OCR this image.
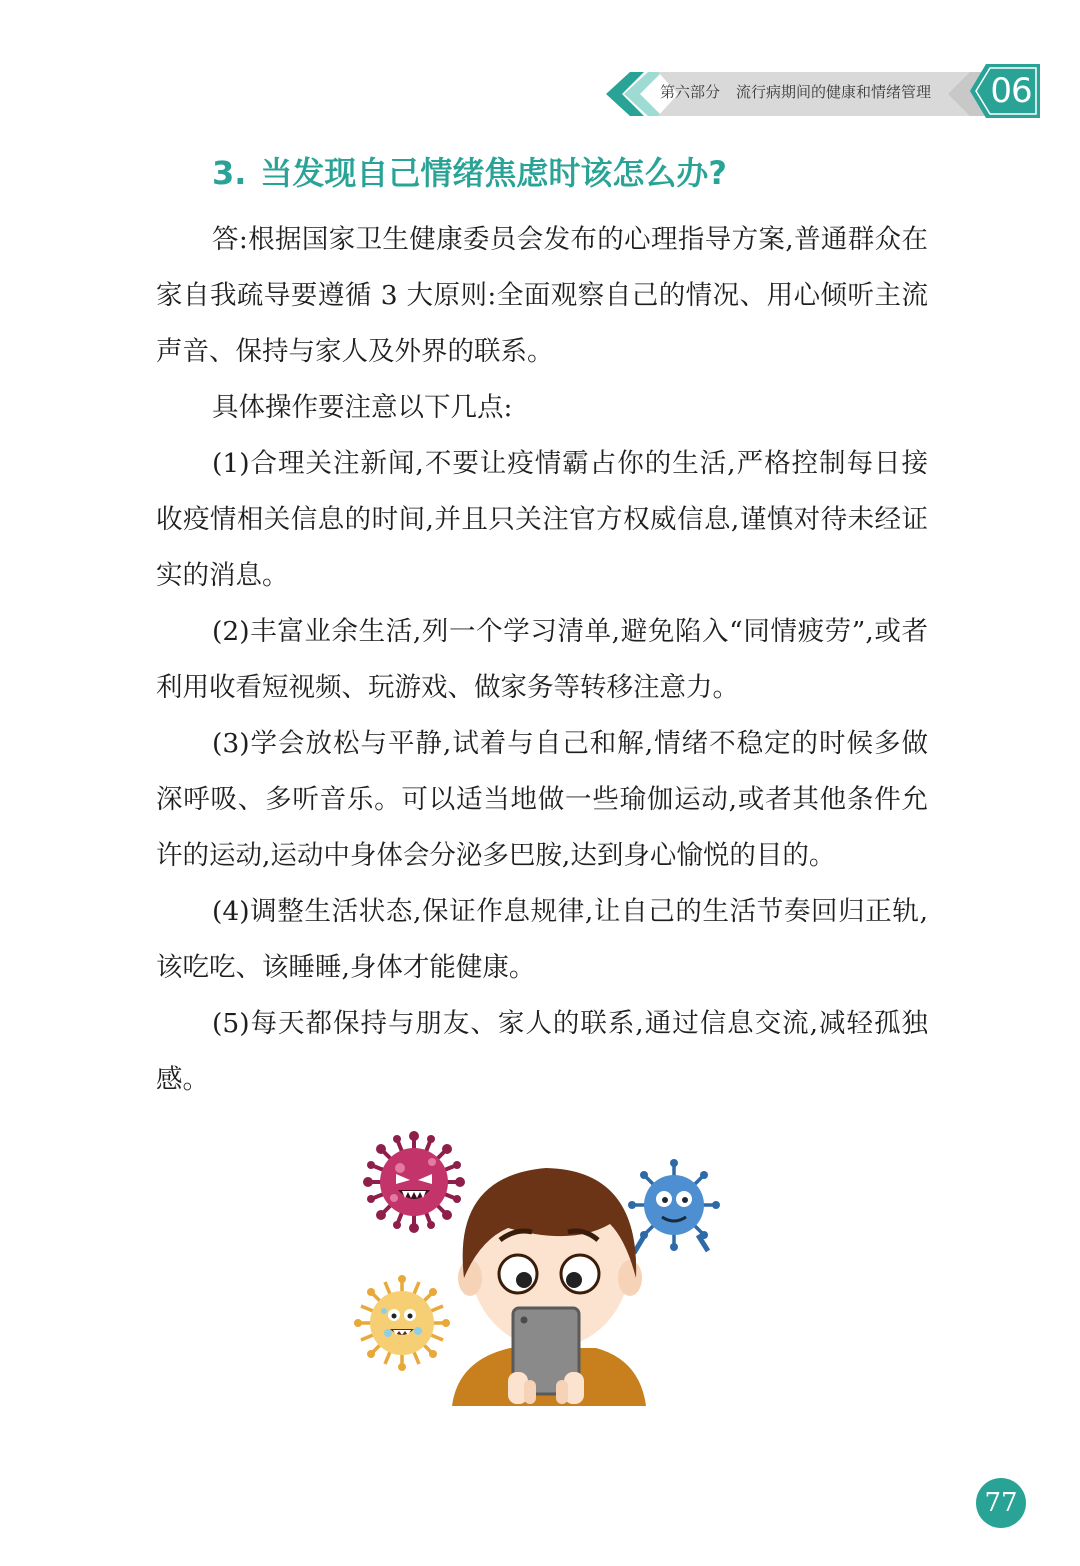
第六部分 流行病期间的健康和情绪管理 06
3. 当发现自己情绪焦虑时该怎么办?

答:根据国家卫生健康委员会发布的心理指导方案,普通群众在家自我疏导要遵循 3 大原则:全面观察自己的情况、用心倾听主流声音、保持与家人及外界的联系。

具体操作要注意以下几点:

(1)合理关注新闻,不要让疫情霸占你的生活,严格控制每日接收疫情相关信息的时间,并且只关注官方权威信息,谨慎对待未经证实的消息。

(2)丰富业余生活,列一个学习清单,避免陷入“同情疲劳”,或者利用收看短视频、玩游戏、做家务等转移注意力。

(3)学会放松与平静,试着与自己和解,情绪不稳定的时候多做深呼吸、多听音乐。可以适当地做一些瑜伽运动,或者其他条件允许的运动,运动中身体会分泌多巴胺,达到身心愉悦的目的。

(4)调整生活状态,保证作息规律,让自己的生活节奏回归正轨,该吃吃、该睡睡,身体才能健康。

(5)每天都保持与朋友、家人的联系,通过信息交流,减轻孤独感。

77
